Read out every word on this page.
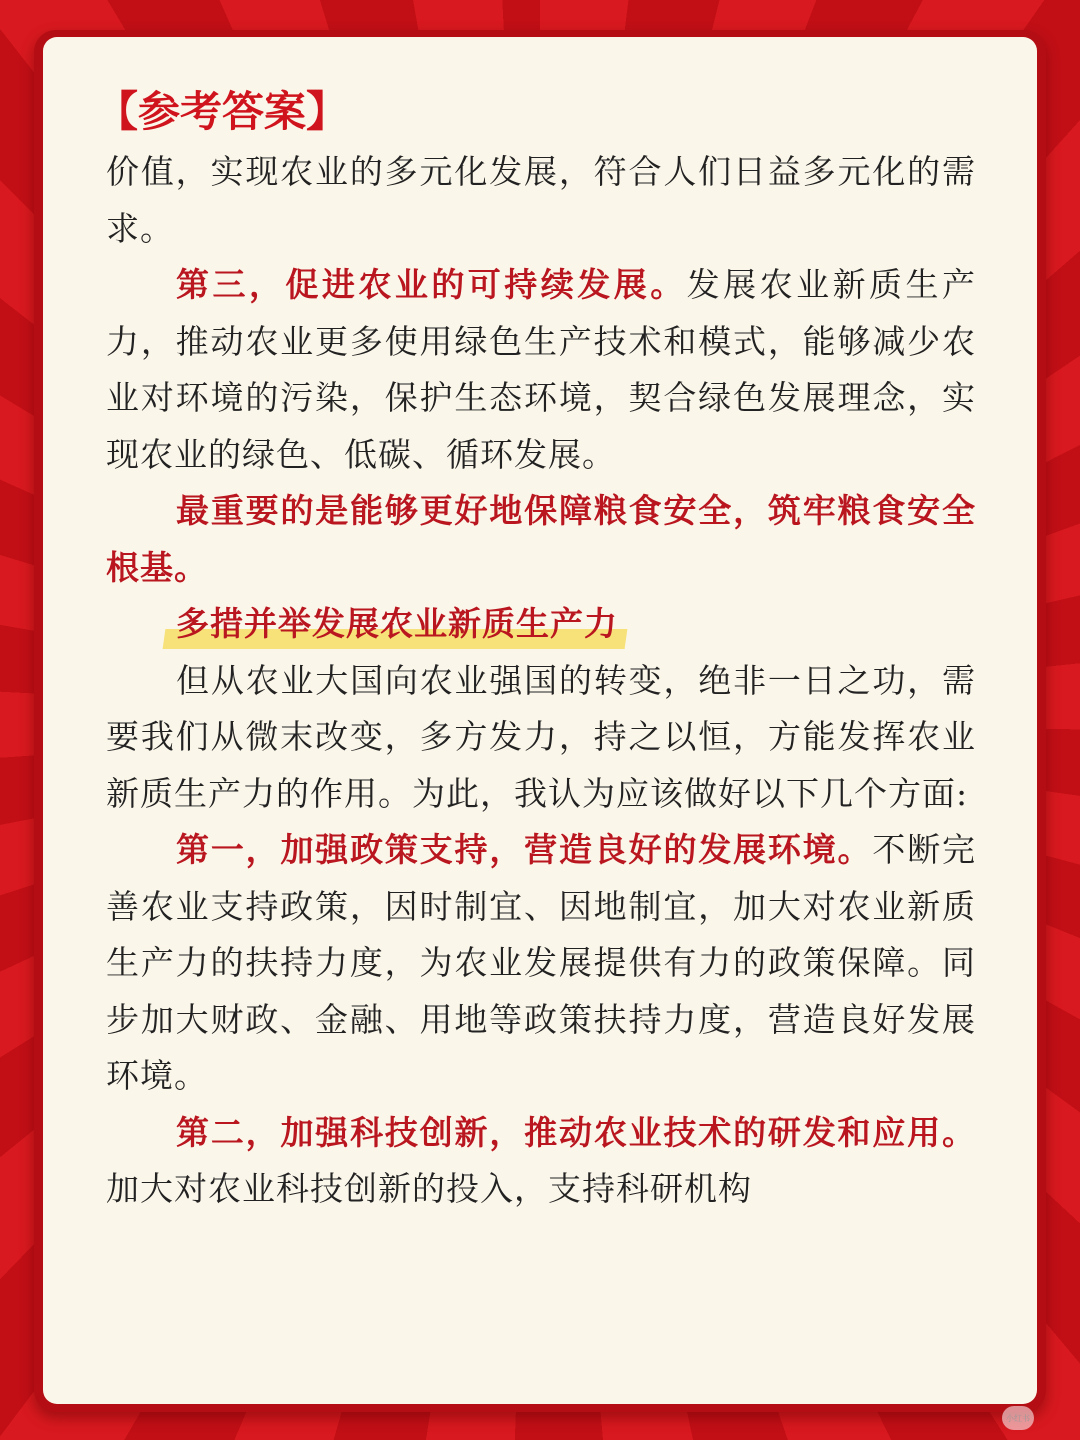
【参考答案】

价值，实现农业的多元化发展，符合人们日益多元化的需求。

第三，促进农业的可持续发展。发展农业新质生产力，推动农业更多使用绿色生产技术和模式，能够减少农业对环境的污染，保护生态环境，契合绿色发展理念，实现农业的绿色、低碳、循环发展。

最重要的是能够更好地保障粮食安全，筑牢粮食安全根基。

多措并举发展农业新质生产力

但从农业大国向农业强国的转变，绝非一日之功，需要我们从微末改变，多方发力，持之以恒，方能发挥农业新质生产力的作用。为此，我认为应该做好以下几个方面:

第一，加强政策支持，营造良好的发展环境。不断完善农业支持政策，因时制宜、因地制宜，加大对农业新质生产力的扶持力度，为农业发展提供有力的政策保障。同步加大财政、金融、用地等政策扶持力度，营造良好发展环境。

第二，加强科技创新，推动农业技术的研发和应用。加大对农业科技创新的投入，支持科研机构

小红书
